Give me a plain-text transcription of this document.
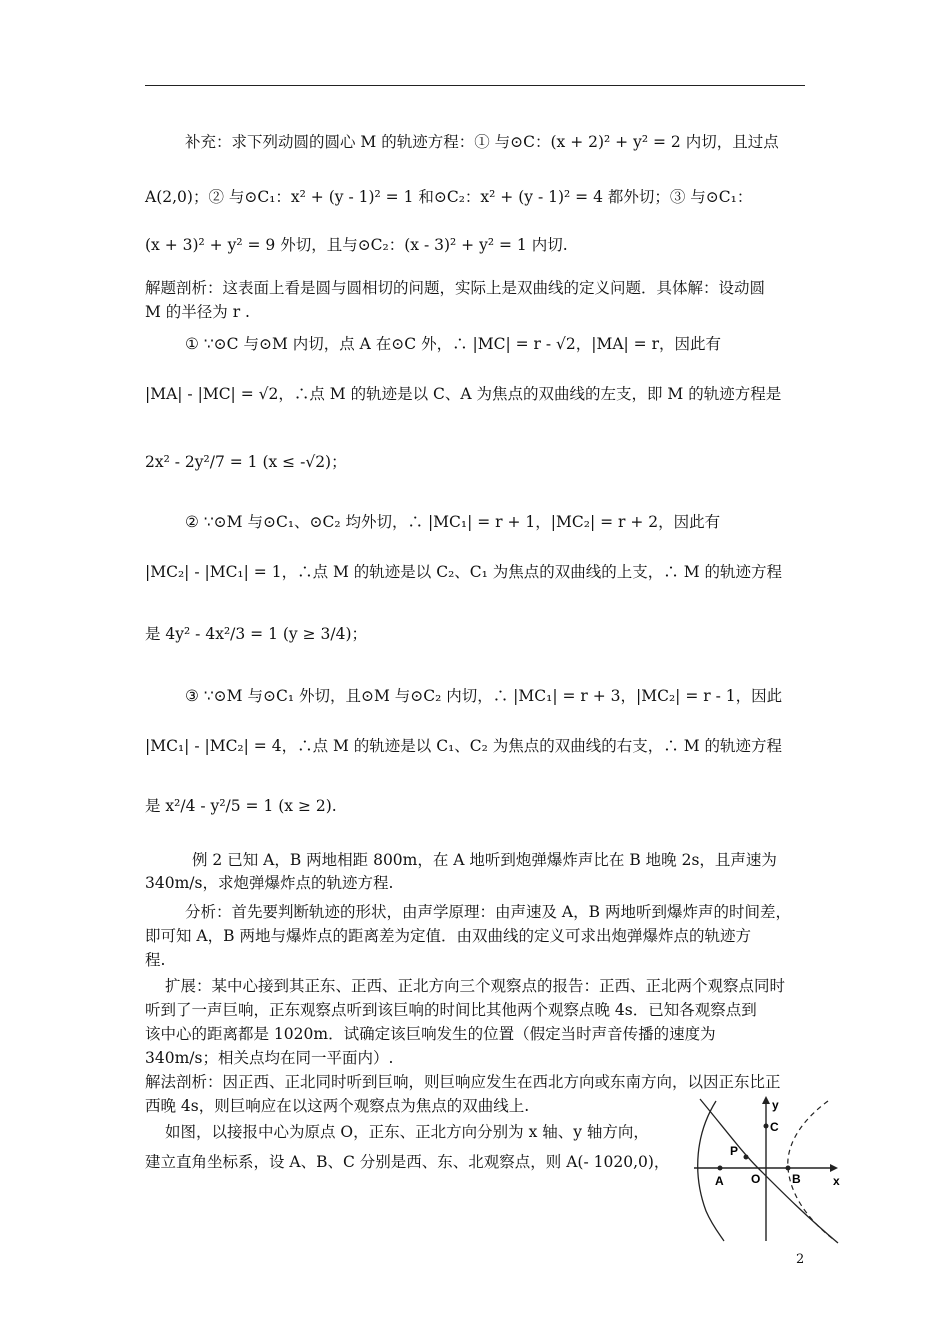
补充：求下列动圆的圆心 M 的轨迹方程：① 与⊙C：(x + 2)² + y² = 2 内切，且过点
A(2,0)；② 与⊙C₁：x² + (y - 1)² = 1 和⊙C₂：x² + (y - 1)² = 4 都外切；③ 与⊙C₁：
(x + 3)² + y² = 9 外切，且与⊙C₂：(x - 3)² + y² = 1 内切.
解题剖析：这表面上看是圆与圆相切的问题，实际上是双曲线的定义问题．具体解：设动圆
M 的半径为 r .
① ∵⊙C 与⊙M 内切，点 A 在⊙C 外，∴ |MC| = r - √2，|MA| = r，因此有
|MA| - |MC| = √2，∴点 M 的轨迹是以 C、A 为焦点的双曲线的左支，即 M 的轨迹方程是
2x² - 2y²/7 = 1 (x ≤ -√2)；
② ∵⊙M 与⊙C₁、⊙C₂ 均外切，∴ |MC₁| = r + 1，|MC₂| = r + 2，因此有
|MC₂| - |MC₁| = 1，∴点 M 的轨迹是以 C₂、C₁ 为焦点的双曲线的上支，∴ M 的轨迹方程
是 4y² - 4x²/3 = 1 (y ≥ 3/4)；
③ ∵⊙M 与⊙C₁ 外切，且⊙M 与⊙C₂ 内切，∴ |MC₁| = r + 3，|MC₂| = r - 1，因此
|MC₁| - |MC₂| = 4，∴点 M 的轨迹是以 C₁、C₂ 为焦点的双曲线的右支，∴ M 的轨迹方程
是 x²/4 - y²/5 = 1 (x ≥ 2).
例 2 已知 A，B 两地相距 800m，在 A 地听到炮弹爆炸声比在 B 地晚 2s，且声速为
340m/s，求炮弹爆炸点的轨迹方程.
分析：首先要判断轨迹的形状，由声学原理：由声速及 A，B 两地听到爆炸声的时间差，
即可知 A，B 两地与爆炸点的距离差为定值．由双曲线的定义可求出炮弹爆炸点的轨迹方
程.
扩展：某中心接到其正东、正西、正北方向三个观察点的报告：正西、正北两个观察点同时
听到了一声巨响，正东观察点听到该巨响的时间比其他两个观察点晚 4s．已知各观察点到
该中心的距离都是 1020m．试确定该巨响发生的位置（假定当时声音传播的速度为
340m/s；相关点均在同一平面内）.
解法剖析：因正西、正北同时听到巨响，则巨响应发生在西北方向或东南方向，以因正东比正
西晚 4s，则巨响应在以这两个观察点为焦点的双曲线上.
如图，以接报中心为原点 O，正东、正北方向分别为 x 轴、y 轴方向，
建立直角坐标系，设 A、B、C 分别是西、东、北观察点，则 A(- 1020,0)，
y
x
C
P
A O	B
2
